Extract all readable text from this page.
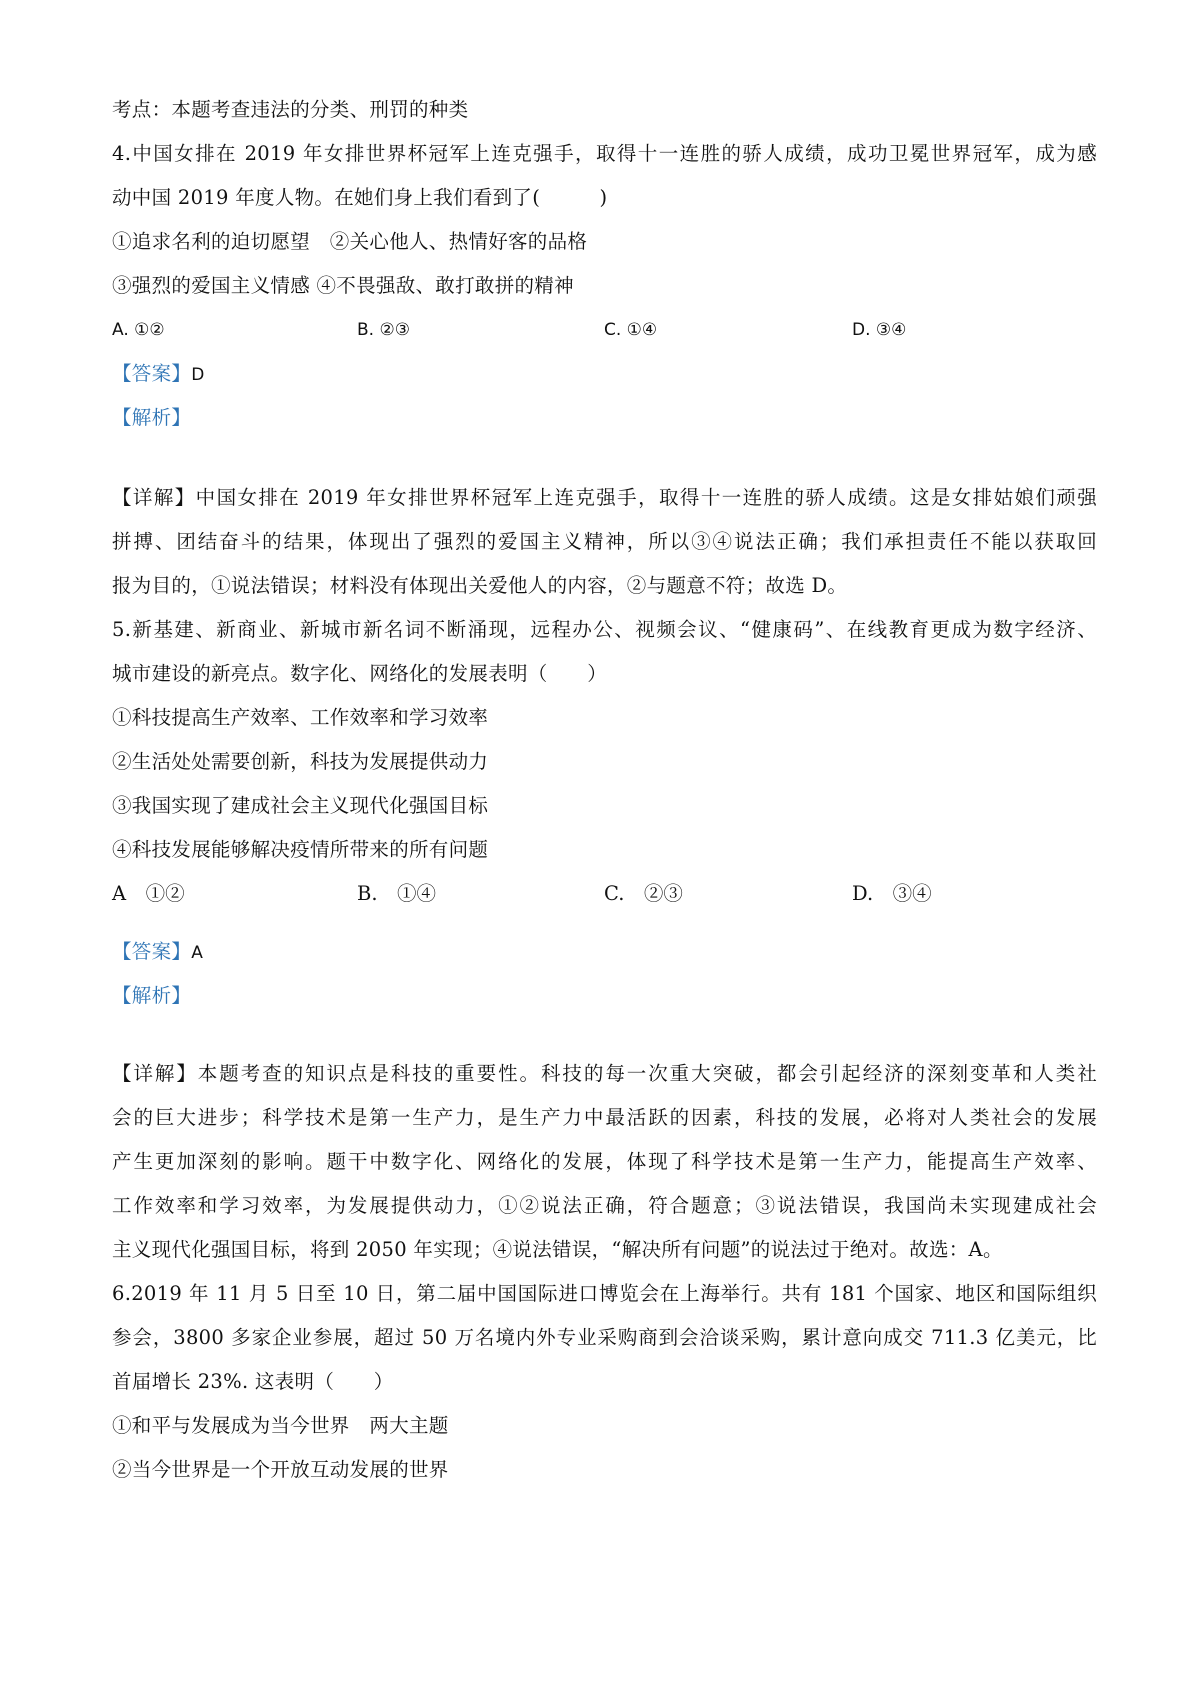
考点：本题考查违法的分类、刑罚的种类
4.中国女排在 2019 年女排世界杯冠军上连克强手，取得十一连胜的骄人成绩，成功卫冕世界冠军，成为感
动中国 2019 年度人物。在她们身上我们看到了(　　　)
①追求名利的迫切愿望　②关心他人、热情好客的品格
③强烈的爱国主义情感 ④不畏强敌、敢打敢拼的精神
A. ①②	B. ②③	C. ①④	D. ③④
【答案】D
【解析】
【详解】中国女排在 2019 年女排世界杯冠军上连克强手，取得十一连胜的骄人成绩。这是女排姑娘们顽强
拼搏、团结奋斗的结果，体现出了强烈的爱国主义精神，所以③④说法正确；我们承担责任不能以获取回
报为目的，①说法错误；材料没有体现出关爱他人的内容，②与题意不符；故选 D。
5.新基建、新商业、新城市新名词不断涌现，远程办公、视频会议、“健康码”、在线教育更成为数字经济、
城市建设的新亮点。数字化、网络化的发展表明（　　）
①科技提高生产效率、工作效率和学习效率
②生活处处需要创新，科技为发展提供动力
③我国实现了建成社会主义现代化强国目标
④科技发展能够解决疫情所带来的所有问题
A　①②	B.　①④	C.　②③	D.　③④
【答案】A
【解析】
【详解】本题考查的知识点是科技的重要性。科技的每一次重大突破，都会引起经济的深刻变革和人类社
会的巨大进步；科学技术是第一生产力，是生产力中最活跃的因素，科技的发展，必将对人类社会的发展
产生更加深刻的影响。题干中数字化、网络化的发展，体现了科学技术是第一生产力，能提高生产效率、
工作效率和学习效率，为发展提供动力，①②说法正确，符合题意；③说法错误，我国尚未实现建成社会
主义现代化强国目标，将到 2050 年实现；④说法错误，“解决所有问题”的说法过于绝对。故选：A。
6.2019 年 11 月 5 日至 10 日，第二届中国国际进口博览会在上海举行。共有 181 个国家、地区和国际组织
参会，3800 多家企业参展，超过 50 万名境内外专业采购商到会洽谈采购，累计意向成交 711.3 亿美元，比
首届增长 23%. 这表明（　　）
①和平与发展成为当今世界　两大主题
②当今世界是一个开放互动发展的世界
